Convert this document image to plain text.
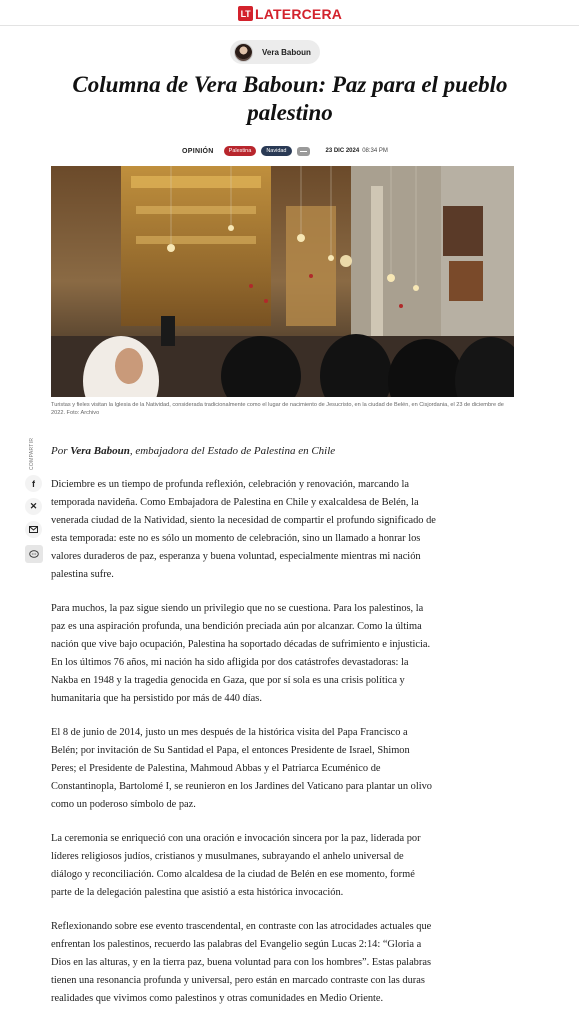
LT LATERCERA
Vera Baboun
Columna de Vera Baboun: Paz para el pueblo palestino
OPINIÓN	Palestina	Navidad	23 DIC 2024 08:34 PM

Turistas y fieles visitan la Iglesia de la Natividad, considerada tradicionalmente como el lugar de nacimiento de Jesucristo, en la ciudad de Belén, en Cisjordania, el 23 de diciembre de 2022. Foto: Archivo

COMPARTIR
f
✕

Por Vera Baboun, embajadora del Estado de Palestina en Chile

Diciembre es un tiempo de profunda reflexión, celebración y renovación, marcando la temporada navideña. Como Embajadora de Palestina en Chile y exalcaldesa de Belén, la venerada ciudad de la Natividad, siento la necesidad de compartir el profundo significado de esta temporada: este no es sólo un momento de celebración, sino un llamado a honrar los valores duraderos de paz, esperanza y buena voluntad, especialmente mientras mi nación palestina sufre.

Para muchos, la paz sigue siendo un privilegio que no se cuestiona. Para los palestinos, la paz es una aspiración profunda, una bendición preciada aún por alcanzar. Como la última nación que vive bajo ocupación, Palestina ha soportado décadas de sufrimiento e injusticia. En los últimos 76 años, mi nación ha sido afligida por dos catástrofes devastadoras: la Nakba en 1948 y la tragedia genocida en Gaza, que por sí sola es una crisis política y humanitaria que ha persistido por más de 440 días.

El 8 de junio de 2014, justo un mes después de la histórica visita del Papa Francisco a Belén; por invitación de Su Santidad el Papa, el entonces Presidente de Israel, Shimon Peres; el Presidente de Palestina, Mahmoud Abbas y el Patriarca Ecuménico de Constantinopla, Bartolomé I, se reunieron en los Jardines del Vaticano para plantar un olivo como un poderoso símbolo de paz.

La ceremonia se enriqueció con una oración e invocación sincera por la paz, liderada por líderes religiosos judíos, cristianos y musulmanes, subrayando el anhelo universal de diálogo y reconciliación. Como alcaldesa de la ciudad de Belén en ese momento, formé parte de la delegación palestina que asistió a esta histórica invocación.

Reflexionando sobre ese evento trascendental, en contraste con las atrocidades actuales que enfrentan los palestinos, recuerdo las palabras del Evangelio según Lucas 2:14: “Gloria a Dios en las alturas, y en la tierra paz, buena voluntad para con los hombres”. Estas palabras tienen una resonancia profunda y universal, pero están en marcado contraste con las duras realidades que vivimos como palestinos y otras comunidades en Medio Oriente.
